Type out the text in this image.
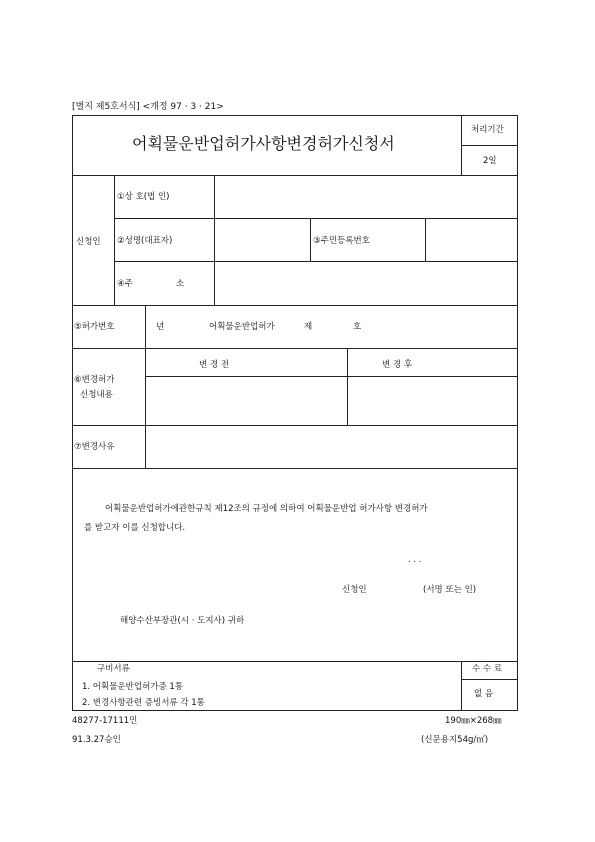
[별지 제5호서식] <개정 97 · 3 · 21>
어획물운반업허가사항변경허가신청서
처리기간
2일
신청인
①상 호(법 인)
②성명(대표자)	③주민등록번호
④주	소
⑤허가번호	년	어획물운반업허가	제	호
⑥변경허가
신청내용
변 경 전	변 경 후
⑦변경사유
어획물운반업허가에관한규칙 제12조의 규정에 의하여 어획물운반업 허가사항 변경허가
를 받고자 이를 신청합니다.
. . .
신청인	(서명 또는 인)
해양수산부장관(시 · 도지사) 귀하
구비서류
1. 어획물운반업허가증 1통
2. 변경사항관련 증빙서류 각 1통
수 수 료
없 음
48277-17111민
91.3.27승인
190㎜×268㎜
(신문용지54g/㎡)
